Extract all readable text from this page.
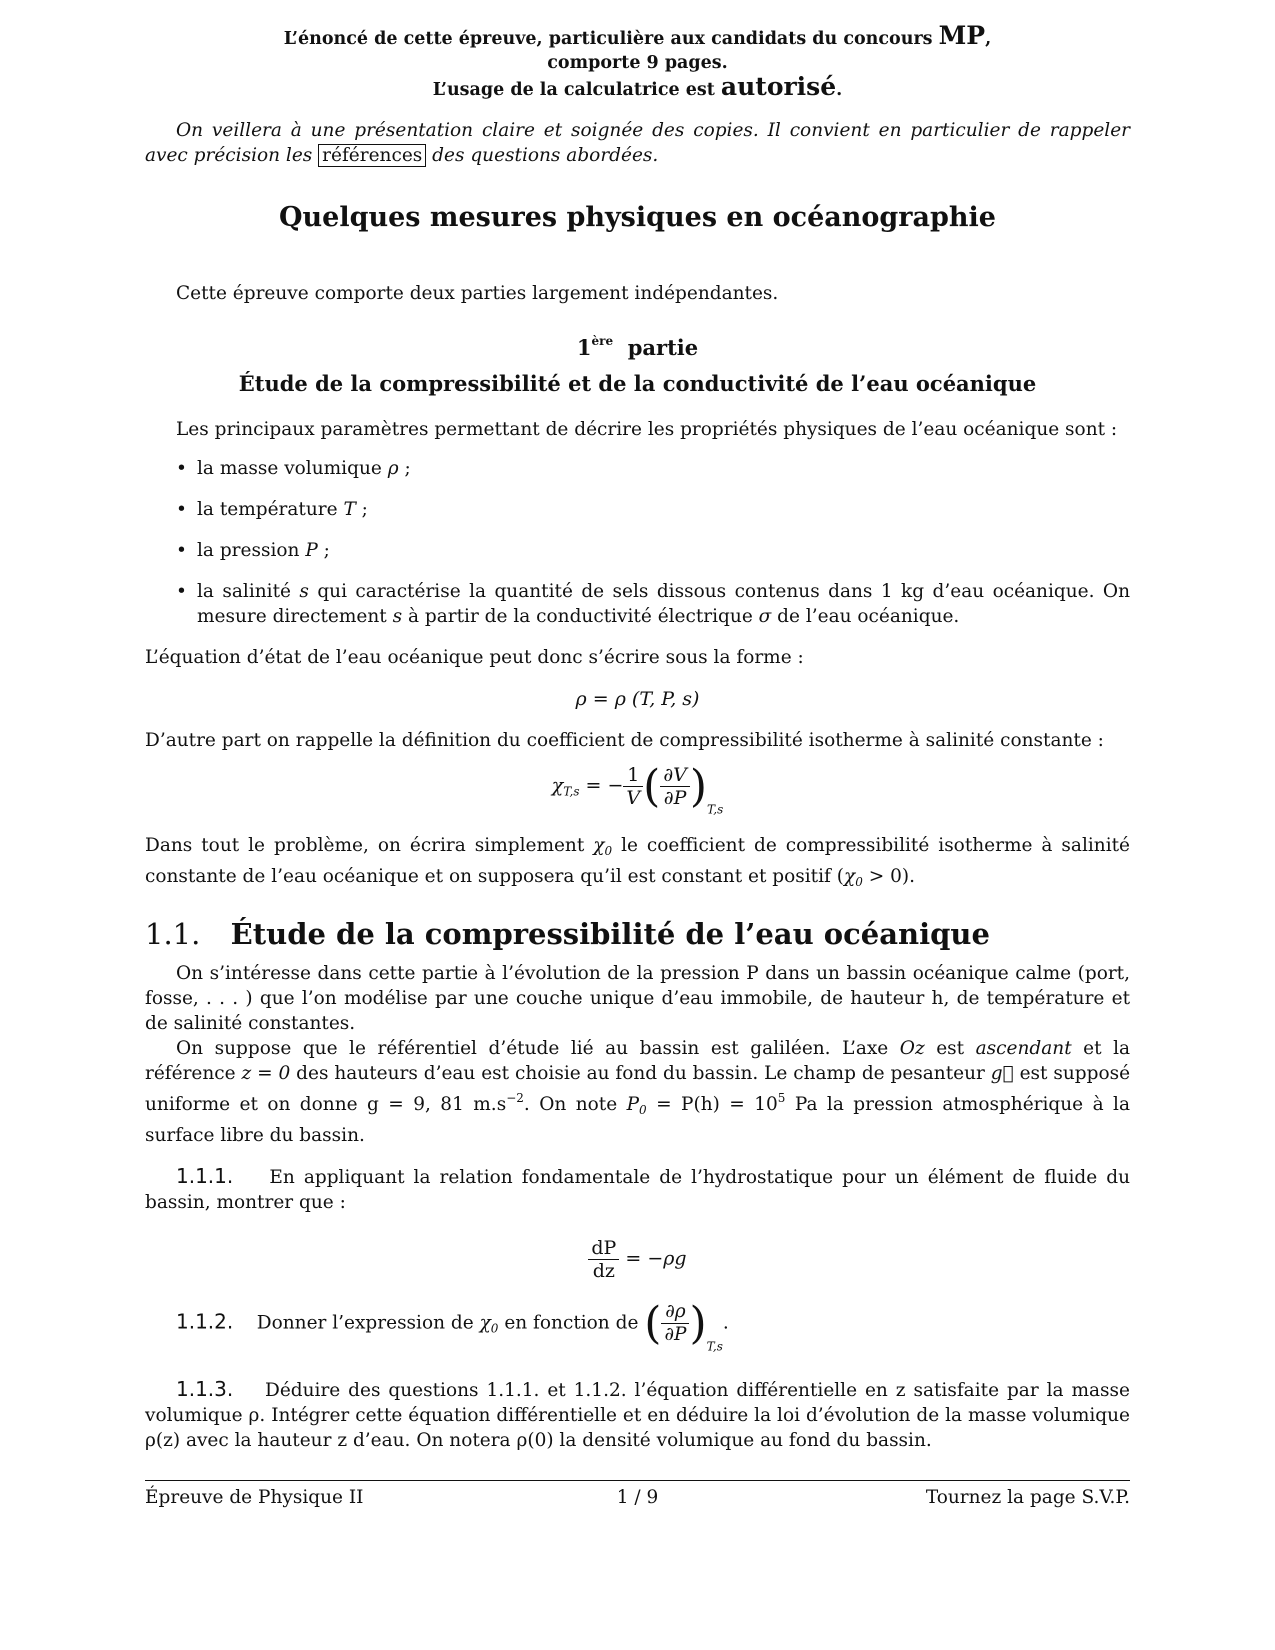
L’énoncé de cette épreuve, particulière aux candidats du concours MP,
comporte 9 pages.
L’usage de la calculatrice est autorisé.
On veillera à une présentation claire et soignée des copies. Il convient en particulier de rappeler avec précision les références des questions abordées.
Quelques mesures physiques en océanographie
Cette épreuve comporte deux parties largement indépendantes.
1ère partie
Étude de la compressibilité et de la conductivité de l’eau océanique
Les principaux paramètres permettant de décrire les propriétés physiques de l’eau océanique sont :
• la masse volumique ρ ;
• la température T ;
• la pression P ;
• la salinité s qui caractérise la quantité de sels dissous contenus dans 1 kg d’eau océanique. On mesure directement s à partir de la conductivité électrique σ de l’eau océanique.
L’équation d’état de l’eau océanique peut donc s’écrire sous la forme :
ρ = ρ (T, P, s)
D’autre part on rappelle la définition du coefficient de compressibilité isotherme à salinité constante :
$\chi_{T,s}$ = − $\frac{1}{V}$ ( $\frac{\partial V}{\partial P} )_{T,s}$
Dans tout le problème, on écrira simplement $\chi_0$ le coefficient de compressibilité isotherme à salinité constante de l’eau océanique et on supposera qu’il est constant et positif $(\chi_0 > 0)$.
1.1. Étude de la compressibilité de l’eau océanique
On s’intéresse dans cette partie à l’évolution de la pression P dans un bassin océanique calme (port, fosse, . . . ) que l’on modélise par une couche unique d’eau immobile, de hauteur h, de température et de salinité constantes.
On suppose que le référentiel d’étude lié au bassin est galiléen. L’axe Oz est ascendant et la référence z = 0 des hauteurs d’eau est choisie au fond du bassin. Le champ de pesanteur g⃗ est supposé uniforme et on donne g = 9, 81 $m.s^{-2}$. On note $P_0 = P(h) = 10^5$ Pa la pression atmosphérique à la surface libre du bassin.
1.1.1. En appliquant la relation fondamentale de l’hydrostatique pour un élément de fluide du bassin, montrer que :
$\frac{dP}{dz} = -\rho g$
1.1.2. Donner l’expression de $\chi_0$ en fonction de ( $\frac{\partial\rho}{\partial P} )_{T,s}$.
1.1.3. Déduire des questions 1.1.1. et 1.1.2. l’équation différentielle en z satisfaite par la masse volumique ρ. Intégrer cette équation différentielle et en déduire la loi d’évolution de la masse volumique ρ(z) avec la hauteur z d’eau. On notera ρ(0) la densité volumique au fond du bassin.
Épreuve de Physique II	1 / 9	Tournez la page S.V.P.
